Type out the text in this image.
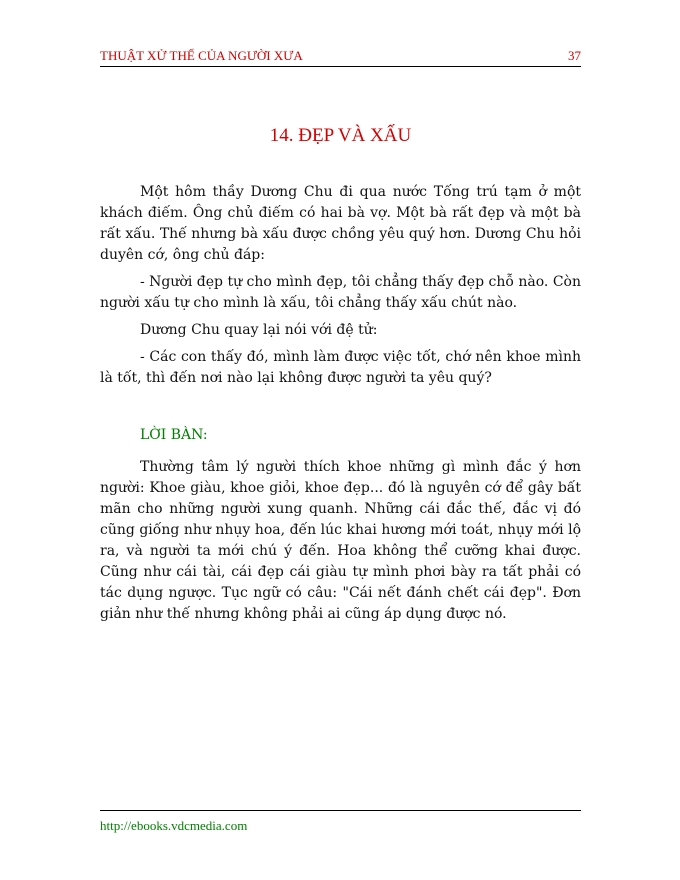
THUẬT XỬ THẾ CỦA NGƯỜI XƯA	37
14. ĐẸP VÀ XẤU

Một hôm thầy Dương Chu đi qua nước Tống trú tạm ở một khách điếm. Ông chủ điếm có hai bà vợ. Một bà rất đẹp và một bà rất xấu. Thế nhưng bà xấu được chồng yêu quý hơn. Dương Chu hỏi duyên cớ, ông chủ đáp:

- Người đẹp tự cho mình đẹp, tôi chẳng thấy đẹp chỗ nào. Còn người xấu tự cho mình là xấu, tôi chẳng thấy xấu chút nào.

Dương Chu quay lại nói với đệ tử:

- Các con thấy đó, mình làm được việc tốt, chớ nên khoe mình là tốt, thì đến nơi nào lại không được người ta yêu quý?

LỜI BÀN:

Thường tâm lý người thích khoe những gì mình đắc ý hơn người: Khoe giàu, khoe giỏi, khoe đẹp... đó là nguyên cớ để gây bất mãn cho những người xung quanh. Những cái đắc thế, đắc vị đó cũng giống như nhụy hoa, đến lúc khai hương mới toát, nhụy mới lộ ra, và người ta mới chú ý đến. Hoa không thể cưỡng khai được. Cũng như cái tài, cái đẹp cái giàu tự mình phơi bày ra tất phải có tác dụng ngược. Tục ngữ có câu: "Cái nết đánh chết cái đẹp". Đơn giản như thế nhưng không phải ai cũng áp dụng được nó.

http://ebooks.vdcmedia.com
